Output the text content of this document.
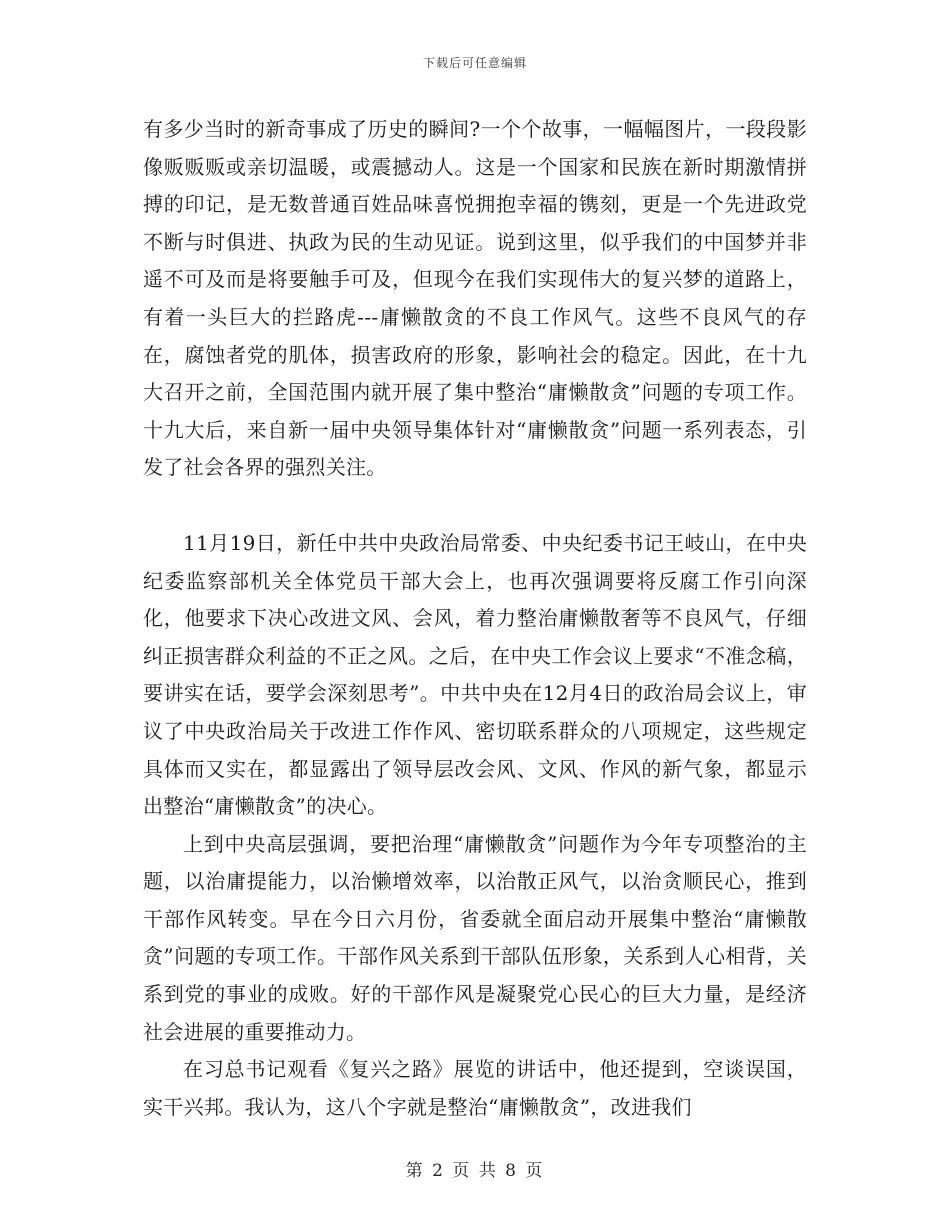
下载后可任意编辑

有多少当时的新奇事成了历史的瞬间?一个个故事，一幅幅图片，一段段影像贩贩贩或亲切温暖，或震撼动人。这是一个国家和民族在新时期激情拼搏的印记，是无数普通百姓品味喜悦拥抱幸福的镌刻，更是一个先进政党不断与时俱进、执政为民的生动见证。说到这里，似乎我们的中国梦并非遥不可及而是将要触手可及，但现今在我们实现伟大的复兴梦的道路上，有着一头巨大的拦路虎---庸懒散贪的不良工作风气。这些不良风气的存在，腐蚀者党的肌体，损害政府的形象，影响社会的稳定。因此，在十九大召开之前，全国范围内就开展了集中整治“庸懒散贪”问题的专项工作。十九大后，来自新一届中央领导集体针对“庸懒散贪”问题一系列表态，引发了社会各界的强烈关注。

11月19日，新任中共中央政治局常委、中央纪委书记王岐山，在中央纪委监察部机关全体党员干部大会上，也再次强调要将反腐工作引向深化，他要求下决心改进文风、会风，着力整治庸懒散奢等不良风气，仔细纠正损害群众利益的不正之风。之后，在中央工作会议上要求“不准念稿，要讲实在话，要学会深刻思考”。中共中央在12月4日的政治局会议上，审议了中央政治局关于改进工作作风、密切联系群众的八项规定，这些规定具体而又实在，都显露出了领导层改会风、文风、作风的新气象，都显示出整治“庸懒散贪”的决心。

上到中央高层强调，要把治理“庸懒散贪”问题作为今年专项整治的主题，以治庸提能力，以治懒增效率，以治散正风气，以治贪顺民心，推到干部作风转变。早在今日六月份，省委就全面启动开展集中整治“庸懒散贪”问题的专项工作。干部作风关系到干部队伍形象，关系到人心相背，关系到党的事业的成败。好的干部作风是凝聚党心民心的巨大力量，是经济社会进展的重要推动力。

在习总书记观看《复兴之路》展览的讲话中，他还提到，空谈误国，实干兴邦。我认为，这八个字就是整治“庸懒散贪”，改进我们

第 2 页 共 8 页
